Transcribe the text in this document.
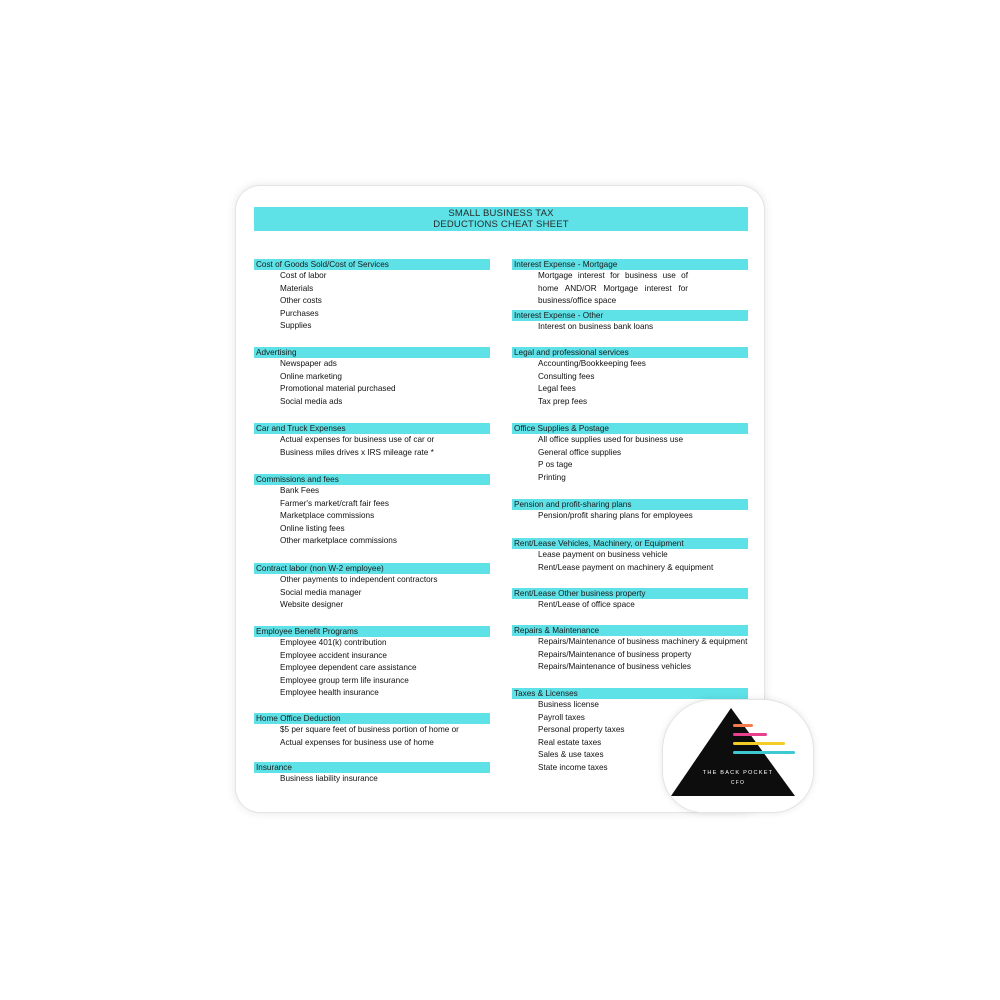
SMALL BUSINESS TAX
DEDUCTIONS CHEAT SHEET
Cost of Goods Sold/Cost of Services
Cost of labor
Materials
Other costs
Purchases
Supplies
Advertising
Newspaper ads
Online marketing
Promotional material purchased
Social media ads
Car and Truck Expenses
Actual expenses for business use of car or
Business miles drives x IRS mileage rate *
Commissions and fees
Bank Fees
Farmer's market/craft fair fees
Marketplace commissions
Online listing fees
Other marketplace commissions
Contract labor (non W-2 employee)
Other payments to independent contractors
Social media manager
Website designer
Employee Benefit Programs
Employee 401(k) contribution
Employee accident insurance
Employee dependent care assistance
Employee group term life insurance
Employee health insurance
Home Office Deduction
$5 per square feet of business portion of home or
Actual expenses for business use of home
Insurance
Business liability insurance
Interest Expense - Mortgage
Mortgage interest for business use of home AND/OR Mortgage interest for business/office space
Interest Expense - Other
Interest on business bank loans
Legal and professional services
Accounting/Bookkeeping fees
Consulting fees
Legal fees
Tax prep fees
Office Supplies & Postage
All office supplies used for business use
General office supplies
P os tage
Printing
Pension and profit-sharing plans
Pension/profit sharing plans for employees
Rent/Lease Vehicles, Machinery, or Equipment
Lease payment on business vehicle
Rent/Lease payment on machinery & equipment
Rent/Lease Other business property
Rent/Lease of office space
Repairs & Maintenance
Repairs/Maintenance of business machinery & equipment
Repairs/Maintenance of business property
Repairs/Maintenance of business vehicles
Taxes & Licenses
Business license
Payroll taxes
Personal property taxes
Real estate taxes
Sales & use taxes
State income taxes
THE BACK POCKET
CFO
